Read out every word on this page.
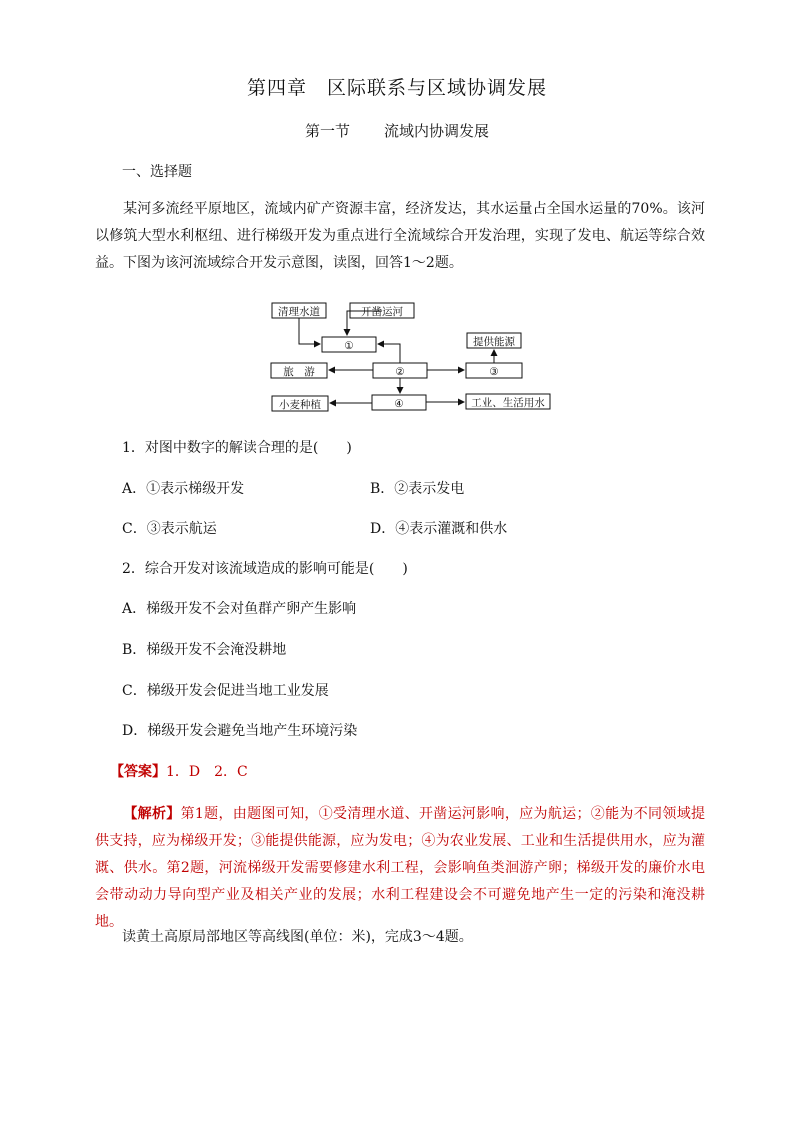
第四章　区际联系与区域协调发展
第一节 流域内协调发展
一、选择题
某河多流经平原地区，流域内矿产资源丰富，经济发达，其水运量占全国水运量的70%。该河以修筑大型水利枢纽、进行梯级开发为重点进行全流域综合开发治理，实现了发电、航运等综合效益。下图为该河流域综合开发示意图，读图，回答1～2题。
清理水道	开凿运河
①	提供能源
旅　游	②	③
小麦种植	④	工业、生活用水
1．对图中数字的解读合理的是(　　)
A．①表示梯级开发	B．②表示发电
C．③表示航运	D．④表示灌溉和供水
2．综合开发对该流域造成的影响可能是(　　)
A．梯级开发不会对鱼群产卵产生影响
B．梯级开发不会淹没耕地
C．梯级开发会促进当地工业发展
D．梯级开发会避免当地产生环境污染
【答案】1．D　2．C
【解析】第1题，由题图可知，①受清理水道、开凿运河影响，应为航运；②能为不同领域提供支持，应为梯级开发；③能提供能源，应为发电；④为农业发展、工业和生活提供用水，应为灌溉、供水。第2题，河流梯级开发需要修建水利工程，会影响鱼类洄游产卵；梯级开发的廉价水电会带动动力导向型产业及相关产业的发展；水利工程建设会不可避免地产生一定的污染和淹没耕地。
读黄土高原局部地区等高线图(单位：米)，完成3～4题。
